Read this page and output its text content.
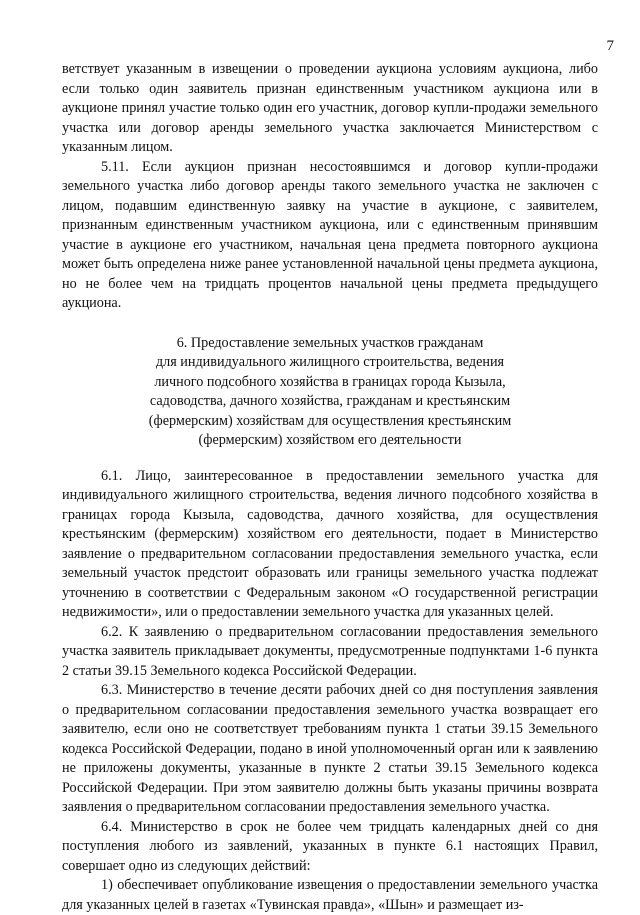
7

ветствует указанным в извещении о проведении аукциона условиям аукциона, либо если только один заявитель признан единственным участником аукциона или в аукционе принял участие только один его участник, договор купли-продажи земельного участка или договор аренды земельного участка заключается Министерством с указанным лицом.

5.11. Если аукцион признан несостоявшимся и договор купли-продажи земельного участка либо договор аренды такого земельного участка не заключен с лицом, подавшим единственную заявку на участие в аукционе, с заявителем, признанным единственным участником аукциона, или с единственным принявшим участие в аукционе его участником, начальная цена предмета повторного аукциона может быть определена ниже ранее установленной начальной цены предмета аукциона, но не более чем на тридцать процентов начальной цены предмета предыдущего аукциона.

6. Предоставление земельных участков гражданам
для индивидуального жилищного строительства, ведения
личного подсобного хозяйства в границах города Кызыла,
садоводства, дачного хозяйства, гражданам и крестьянским
(фермерским) хозяйствам для осуществления крестьянским
(фермерским) хозяйством его деятельности

6.1. Лицо, заинтересованное в предоставлении земельного участка для индивидуального жилищного строительства, ведения личного подсобного хозяйства в границах города Кызыла, садоводства, дачного хозяйства, для осуществления крестьянским (фермерским) хозяйством его деятельности, подает в Министерство заявление о предварительном согласовании предоставления земельного участка, если земельный участок предстоит образовать или границы земельного участка подлежат уточнению в соответствии с Федеральным законом «О государственной регистрации недвижимости», или о предоставлении земельного участка для указанных целей.

6.2. К заявлению о предварительном согласовании предоставления земельного участка заявитель прикладывает документы, предусмотренные подпунктами 1-6 пункта 2 статьи 39.15 Земельного кодекса Российской Федерации.

6.3. Министерство в течение десяти рабочих дней со дня поступления заявления о предварительном согласовании предоставления земельного участка возвращает его заявителю, если оно не соответствует требованиям пункта 1 статьи 39.15 Земельного кодекса Российской Федерации, подано в иной уполномоченный орган или к заявлению не приложены документы, указанные в пункте 2 статьи 39.15 Земельного кодекса Российской Федерации. При этом заявителю должны быть указаны причины возврата заявления о предварительном согласовании предоставления земельного участка.

6.4. Министерство в срок не более чем тридцать календарных дней со дня поступления любого из заявлений, указанных в пункте 6.1 настоящих Правил, совершает одно из следующих действий:

1) обеспечивает опубликование извещения о предоставлении земельного участка для указанных целей в газетах «Тувинская правда», «Шын» и размещает из-
